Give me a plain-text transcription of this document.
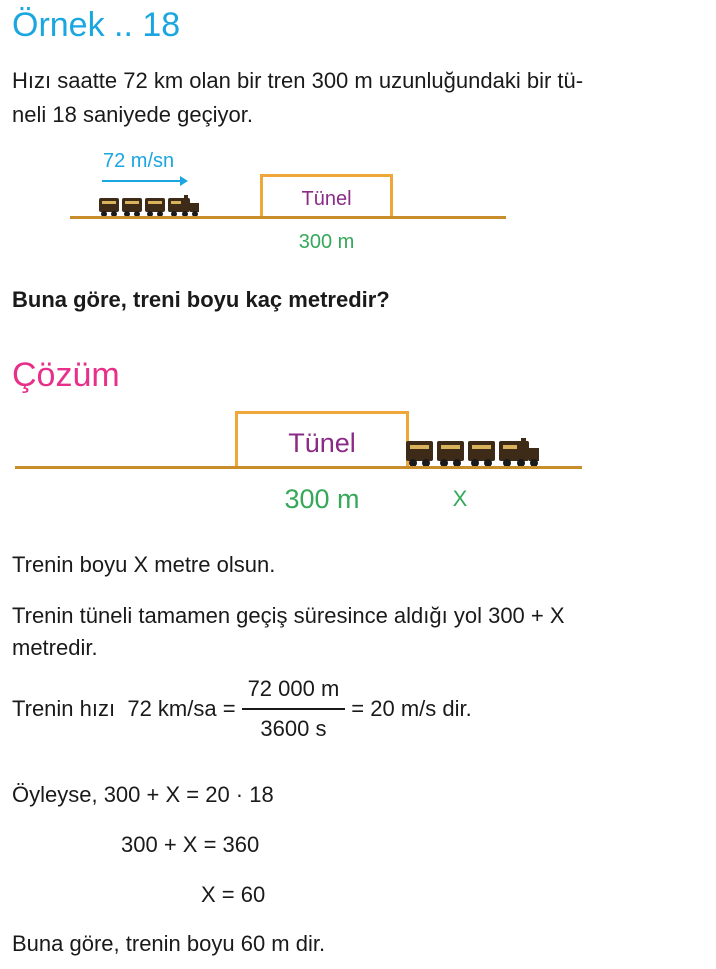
Örnek .. 18
Hızı saatte 72 km olan bir tren 300 m uzunluğundaki bir tü-
neli 18 saniyede geçiyor.
72 m/sn
Tünel
300 m
Buna göre, treni boyu kaç metredir?
Çözüm
Tünel
300 m	X
Trenin boyu X metre olsun.
Trenin tüneli tamamen geçiş süresince aldığı yol 300 + X
metredir.
Trenin hızı  72 $km/sa = \frac{72 000 m}{3600 s} = 20$ m/s dir.
Öyleyse, 300 + X = 20 · 18
300 + X = 360
X = 60
Buna göre, trenin boyu 60 m dir.
